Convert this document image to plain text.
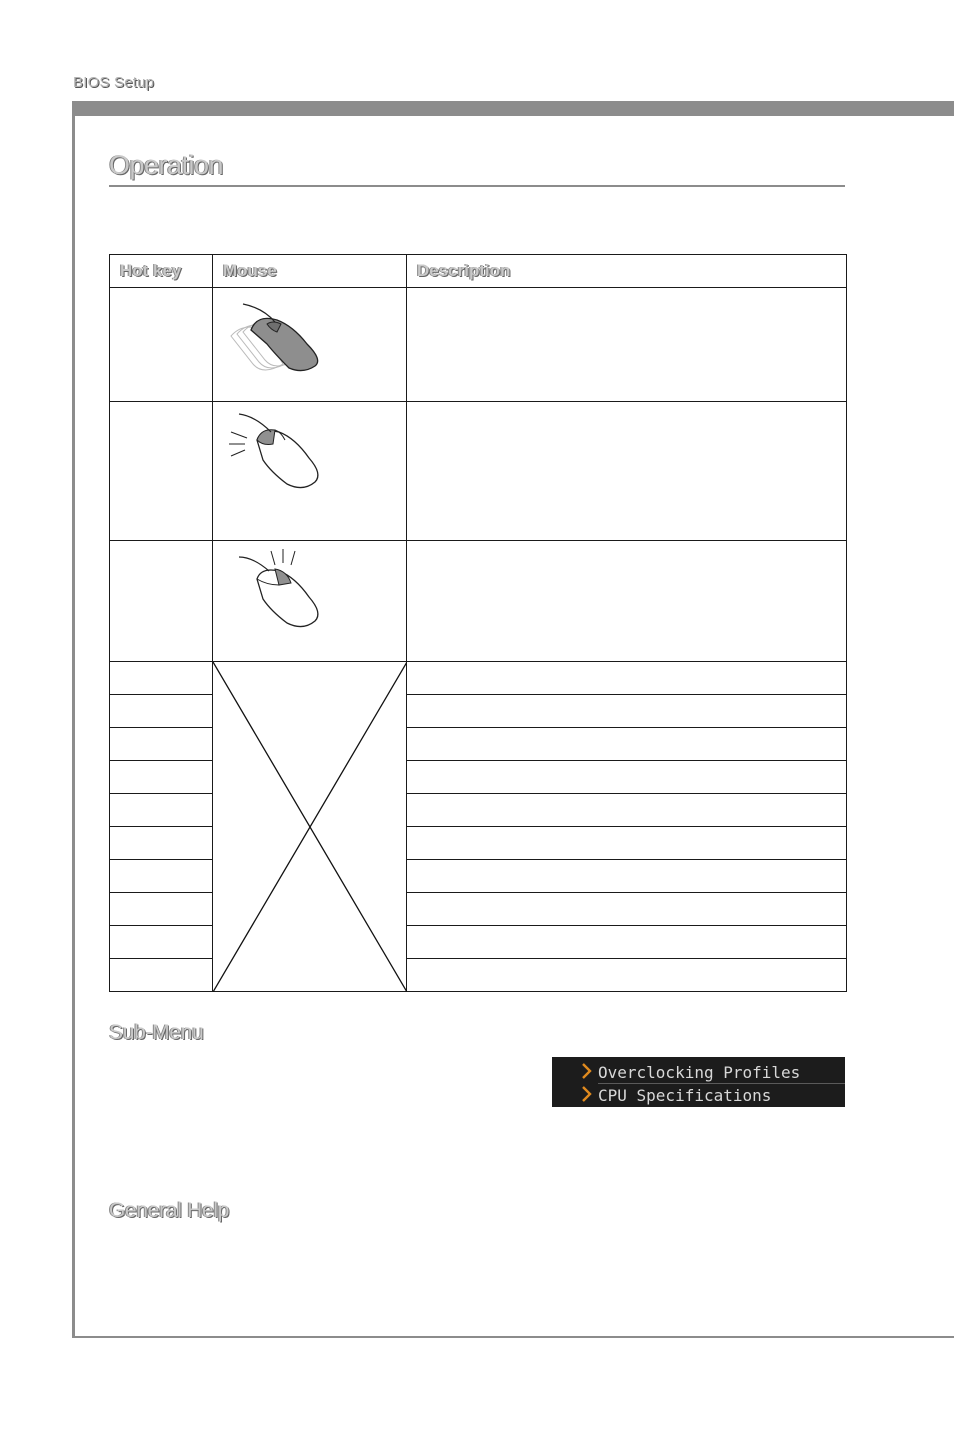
BIOS Setup
Operation
Hot key	Mouse	Description

Sub-Menu
Overclocking Profiles
CPU Specifications
General Help
